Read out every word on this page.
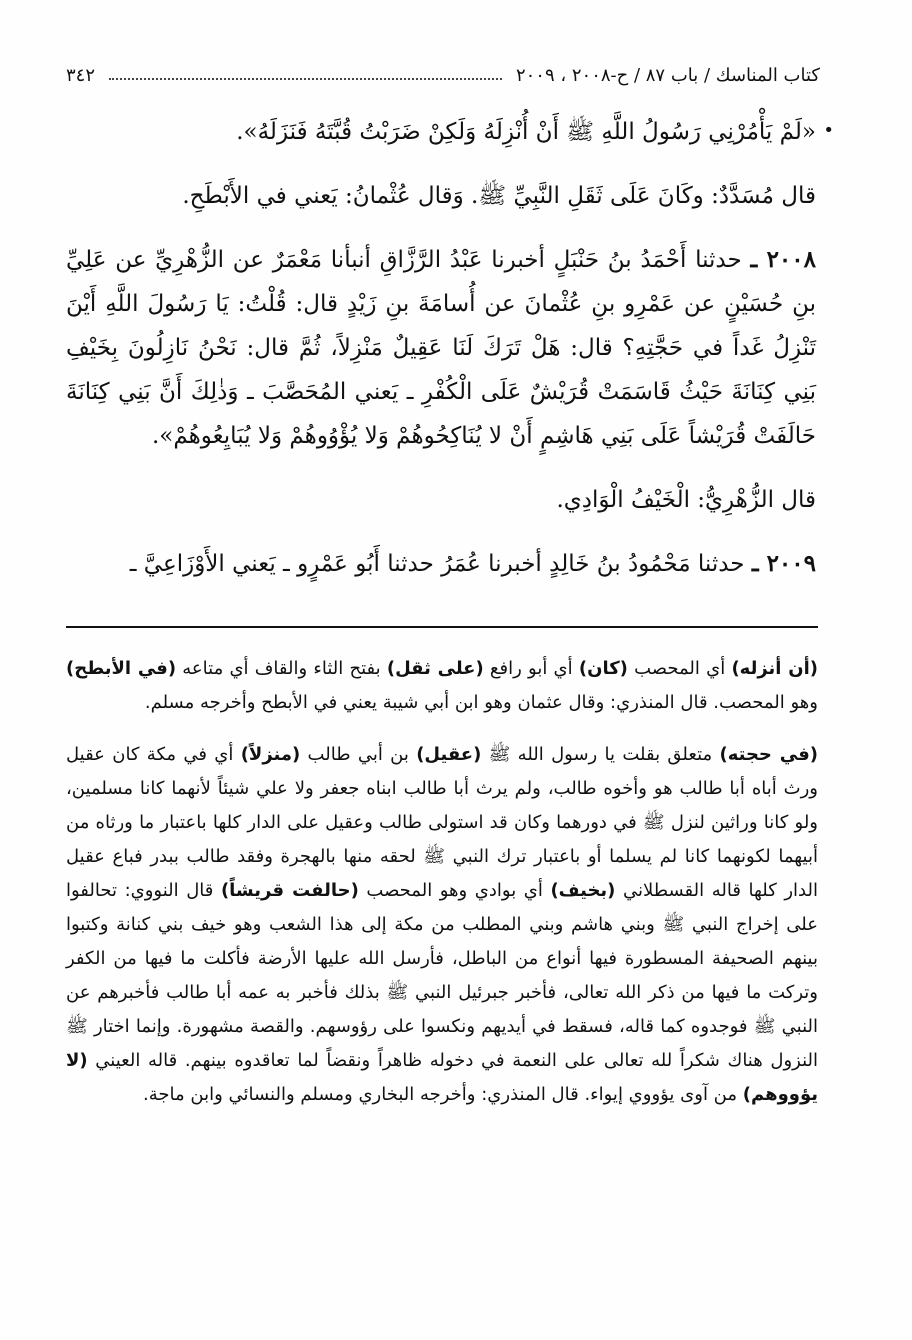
٣٤٢	كتاب المناسك / باب ٨٧ / ح-٢٠٠٨ ، ٢٠٠٩
•

«لَمْ يَأْمُرْنِي رَسُولُ اللَّهِ ﷺ أَنْ أُنْزِلَهُ وَلَكِنْ ضَرَبْتُ قُبَّتَهُ فَنَزَلَهُ».

قال مُسَدَّدٌ: وكَانَ عَلَى ثَقَلِ النَّبِيِّ ﷺ. وَقال عُثْمانُ: يَعني في الأَبْطَحِ.

٢٠٠٨ ـ حدثنا أَحْمَدُ بنُ حَنْبَلٍ أخبرنا عَبْدُ الرَّزَّاقِ أنبأنا مَعْمَرٌ عن الزُّهْرِيِّ عن عَلِيِّ بنِ حُسَيْنٍ عن عَمْرِو بنِ عُثْمانَ عن أُسامَةَ بنِ زَيْدٍ قال: قُلْتُ: يَا رَسُولَ اللَّهِ أَيْنَ تَنْزِلُ غَداً في حَجَّتِهِ؟ قال: هَلْ تَرَكَ لَنَا عَقِيلٌ مَنْزِلاً، ثُمَّ قال: نَحْنُ نَازِلُونَ بِخَيْفِ بَنِي كِنَانَةَ حَيْثُ قَاسَمَتْ قُرَيْشٌ عَلَى الْكُفْرِ ـ يَعني المُحَصَّبَ ـ وَذٰلِكَ أَنَّ بَنِي كِنَانَةَ حَالَفَتْ قُرَيْشاً عَلَى بَنِي هَاشِمٍ أَنْ لا يُنَاكِحُوهُمْ وَلا يُؤْوُوهُمْ وَلا يُبَايِعُوهُمْ».

قال الزُّهْرِيُّ: الْخَيْفُ الْوَادِي.

٢٠٠٩ ـ حدثنا مَحْمُودُ بنُ خَالِدٍ أخبرنا عُمَرُ حدثنا أَبُو عَمْرٍو ـ يَعني الأَوْزَاعِيَّ ـ

(أن أنزله) أي المحصب (كان) أي أبو رافع (على ثقل) بفتح الثاء والقاف أي متاعه (في الأبطح) وهو المحصب. قال المنذري: وقال عثمان وهو ابن أبي شيبة يعني في الأبطح وأخرجه مسلم.

(في حجته) متعلق بقلت يا رسول الله ﷺ (عقيل) بن أبي طالب (منزلاً) أي في مكة كان عقيل ورث أباه أبا طالب هو وأخوه طالب، ولم يرث أبا طالب ابناه جعفر ولا علي شيئاً لأنهما كانا مسلمين، ولو كانا وراثين لنزل ﷺ في دورهما وكان قد استولى طالب وعقيل على الدار كلها باعتبار ما ورثاه من أبيهما لكونهما كانا لم يسلما أو باعتبار ترك النبي ﷺ لحقه منها بالهجرة وفقد طالب ببدر فباع عقيل الدار كلها قاله القسطلاني (بخيف) أي بوادي وهو المحصب (حالفت قريشاً) قال النووي: تحالفوا على إخراج النبي ﷺ وبني هاشم وبني المطلب من مكة إلى هذا الشعب وهو خيف بني كنانة وكتبوا بينهم الصحيفة المسطورة فيها أنواع من الباطل، فأرسل الله عليها الأرضة فأكلت ما فيها من الكفر وتركت ما فيها من ذكر الله تعالى، فأخبر جبرئيل النبي ﷺ بذلك فأخبر به عمه أبا طالب فأخبرهم عن النبي ﷺ فوجدوه كما قاله، فسقط في أيديهم ونكسوا على رؤوسهم. والقصة مشهورة. وإنما اختار ﷺ النزول هناك شكراً لله تعالى على النعمة في دخوله ظاهراً ونقضاً لما تعاقدوه بينهم. قاله العيني (لا يؤووهم) من آوى يؤووي إيواء. قال المنذري: وأخرجه البخاري ومسلم والنسائي وابن ماجة.
